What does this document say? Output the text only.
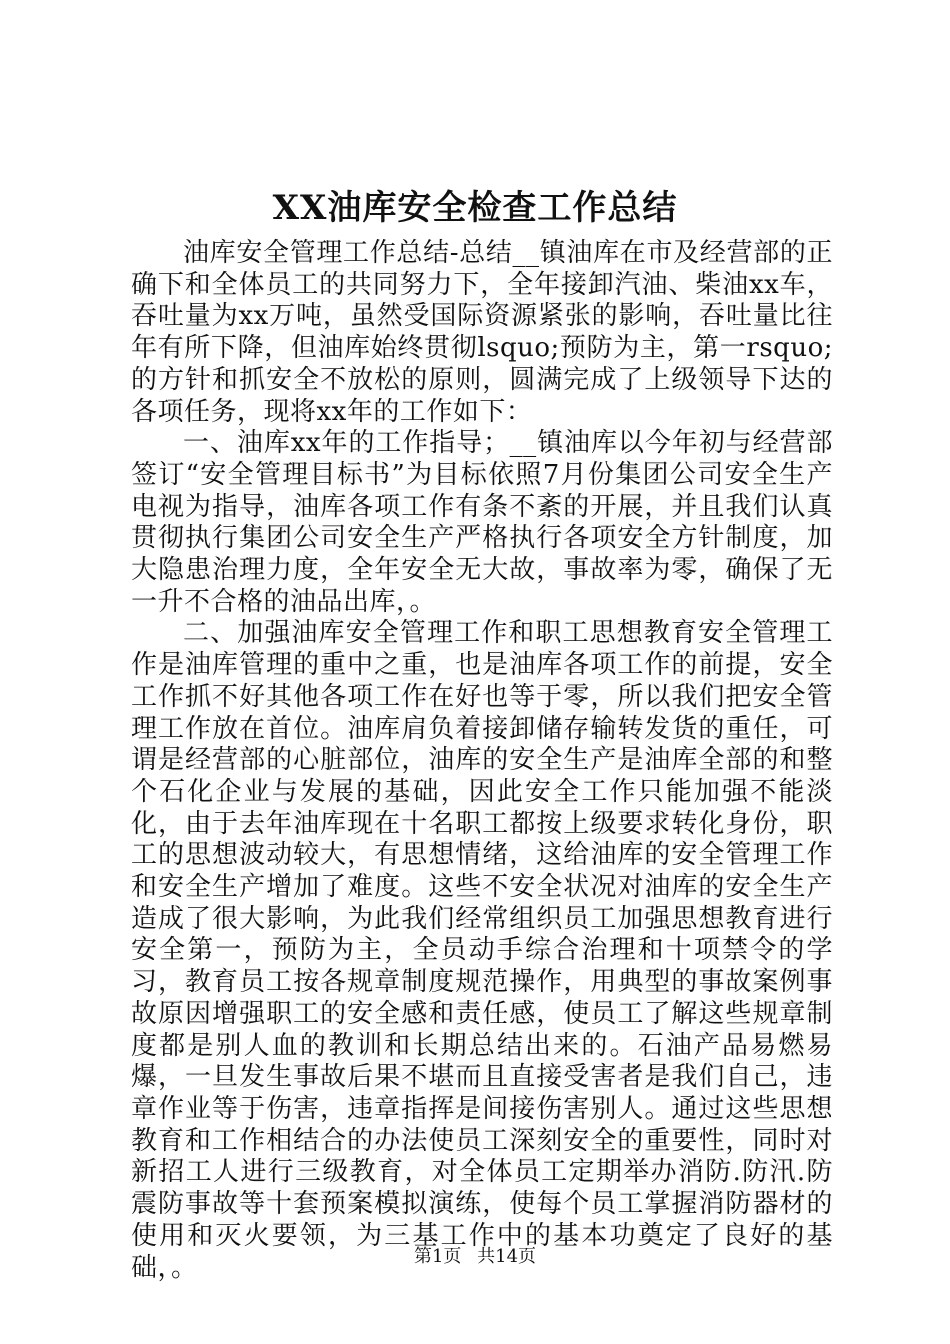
XX油库安全检查工作总结

油库安全管理工作总结-总结__镇油库在市及经营部的正确下和全体员工的共同努力下，全年接卸汽油、柴油xx车，吞吐量为xx万吨，虽然受国际资源紧张的影响，吞吐量比往年有所下降，但油库始终贯彻lsquo;预防为主，第一rsquo;的方针和抓安全不放松的原则，圆满完成了上级领导下达的各项任务，现将xx年的工作如下：

一、油库xx年的工作指导；__镇油库以今年初与经营部签订“安全管理目标书”为目标依照7月份集团公司安全生产电视为指导，油库各项工作有条不紊的开展，并且我们认真贯彻执行集团公司安全生产严格执行各项安全方针制度，加大隐患治理力度，全年安全无大故，事故率为零，确保了无一升不合格的油品出库，。

二、加强油库安全管理工作和职工思想教育安全管理工作是油库管理的重中之重，也是油库各项工作的前提，安全工作抓不好其他各项工作在好也等于零，所以我们把安全管理工作放在首位。油库肩负着接卸储存输转发货的重任，可谓是经营部的心脏部位，油库的安全生产是油库全部的和整个石化企业与发展的基础，因此安全工作只能加强不能淡化，由于去年油库现在十名职工都按上级要求转化身份，职工的思想波动较大，有思想情绪，这给油库的安全管理工作和安全生产增加了难度。这些不安全状况对油库的安全生产造成了很大影响，为此我们经常组织员工加强思想教育进行安全第一，预防为主，全员动手综合治理和十项禁令的学习，教育员工按各规章制度规范操作，用典型的事故案例事故原因增强职工的安全感和责任感，使员工了解这些规章制度都是别人血的教训和长期总结出来的。石油产品易燃易爆，一旦发生事故后果不堪而且直接受害者是我们自己，违章作业等于伤害，违章指挥是间接伤害别人。通过这些思想教育和工作相结合的办法使员工深刻安全的重要性，同时对新招工人进行三级教育，对全体员工定期举办消防.防汛.防震防事故等十套预案模拟演练，使每个员工掌握消防器材的使用和灭火要领，为三基工作中的基本功奠定了良好的基础，。	第1页 共14页
